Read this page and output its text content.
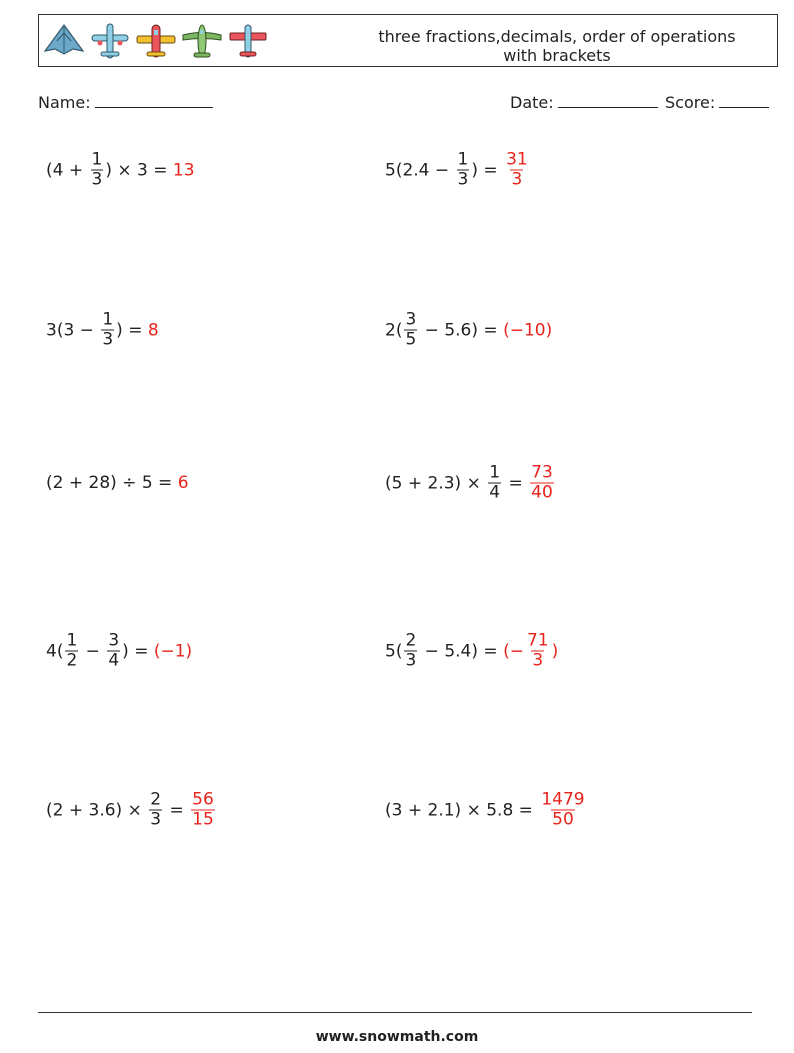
three fractions,decimals, order of operations
with brackets
Name:	Date:	Score:
($4 + \frac{1}{3}$ ) × 3 = 13	$5(2.4 - \frac{1}{3}$ ) = $\frac{31}{3}$
$3(3 - \frac{1}{3}$ ) = 8	$2( \frac{3}{5} - 5.6) = (-10)$
(2 + 28) ÷ 5 = 6	$(5 + 2.3) \times \frac{1}{4} = \frac{73}{40}$
$4( \frac{1}{2} - \frac{3}{4}$ ) = (−1)	$5( \frac{2}{3} - 5.4)$ = (− $\frac{71}{3}$ )
$(2 + 3.6) \times \frac{2}{3} = \frac{56}{15}$	$(3 + 2.1) \times 5.8 = \frac{1479}{50}$
www.snowmath.com
